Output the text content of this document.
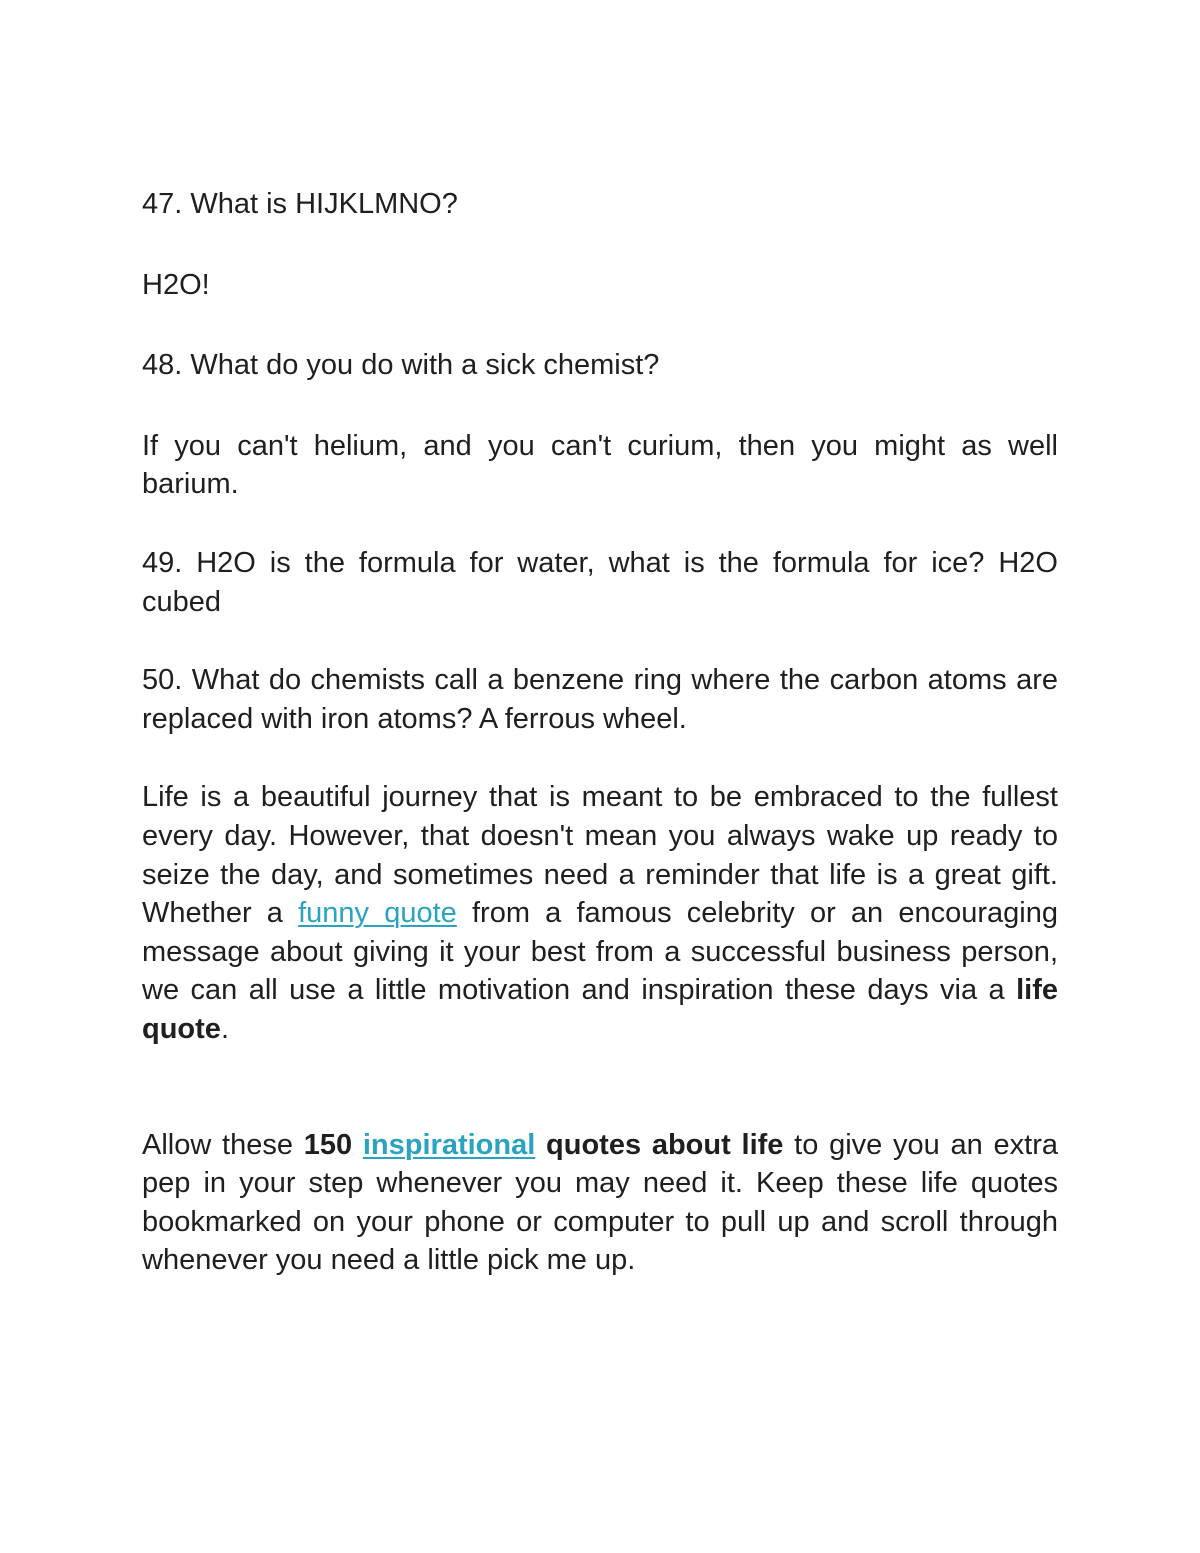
47. What is HIJKLMNO?

H2O!

48. What do you do with a sick chemist?

If you can't helium, and you can't curium, then you might as well barium.

49. H2O is the formula for water, what is the formula for ice? H2O cubed

50. What do chemists call a benzene ring where the carbon atoms are replaced with iron atoms? A ferrous wheel.

Life is a beautiful journey that is meant to be embraced to the fullest every day. However, that doesn't mean you always wake up ready to seize the day, and sometimes need a reminder that life is a great gift. Whether a funny quote from a famous celebrity or an encouraging message about giving it your best from a successful business person, we can all use a little motivation and inspiration these days via a life quote.

Allow these 150 inspirational quotes about life to give you an extra pep in your step whenever you may need it. Keep these life quotes bookmarked on your phone or computer to pull up and scroll through whenever you need a little pick me up.
